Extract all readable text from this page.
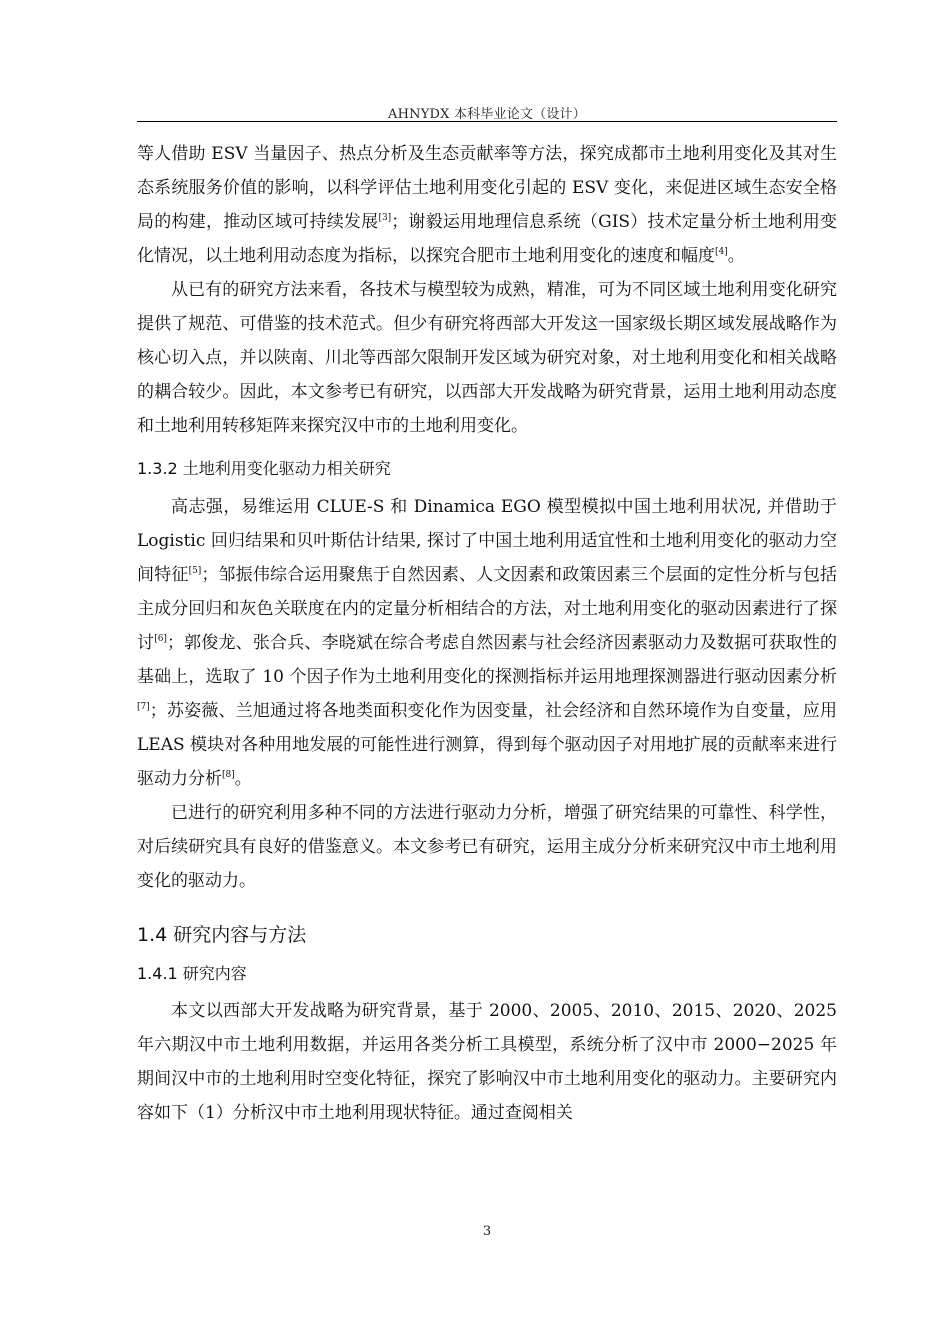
AHNYDX 本科毕业论文（设计）

等人借助 ESV 当量因子、热点分析及生态贡献率等方法，探究成都市土地利用变化及其对生态系统服务价值的影响，以科学评估土地利用变化引起的 ESV 变化，来促进区域生态安全格局的构建，推动区域可持续发展[3]；谢毅运用地理信息系统（GIS）技术定量分析土地利用变化情况，以土地利用动态度为指标，以探究合肥市土地利用变化的速度和幅度[4]。

从已有的研究方法来看，各技术与模型较为成熟，精准，可为不同区域土地利用变化研究提供了规范、可借鉴的技术范式。但少有研究将西部大开发这一国家级长期区域发展战略作为核心切入点，并以陕南、川北等西部欠限制开发区域为研究对象，对土地利用变化和相关战略的耦合较少。因此，本文参考已有研究，以西部大开发战略为研究背景，运用土地利用动态度和土地利用转移矩阵来探究汉中市的土地利用变化。

1.3.2 土地利用变化驱动力相关研究

高志强，易维运用 CLUE-S 和 Dinamica EGO 模型模拟中国土地利用状况, 并借助于 Logistic 回归结果和贝叶斯估计结果, 探讨了中国土地利用适宜性和土地利用变化的驱动力空间特征[5]；邹振伟综合运用聚焦于自然因素、人文因素和政策因素三个层面的定性分析与包括主成分回归和灰色关联度在内的定量分析相结合的方法，对土地利用变化的驱动因素进行了探讨[6]；郭俊龙、张合兵、李晓斌在综合考虑自然因素与社会经济因素驱动力及数据可获取性的基础上，选取了 10 个因子作为土地利用变化的探测指标并运用地理探测器进行驱动因素分析[7]；苏姿薇、兰旭通过将各地类面积变化作为因变量，社会经济和自然环境作为自变量，应用 LEAS 模块对各种用地发展的可能性进行测算，得到每个驱动因子对用地扩展的贡献率来进行驱动力分析[8]。

已进行的研究利用多种不同的方法进行驱动力分析，增强了研究结果的可靠性、科学性，对后续研究具有良好的借鉴意义。本文参考已有研究，运用主成分分析来研究汉中市土地利用变化的驱动力。

1.4 研究内容与方法
1.4.1 研究内容

本文以西部大开发战略为研究背景，基于 2000、2005、2010、2015、2020、2025 年六期汉中市土地利用数据，并运用各类分析工具模型，系统分析了汉中市 2000−2025 年期间汉中市的土地利用时空变化特征，探究了影响汉中市土地利用变化的驱动力。主要研究内容如下（1）分析汉中市土地利用现状特征。通过查阅相关

3
